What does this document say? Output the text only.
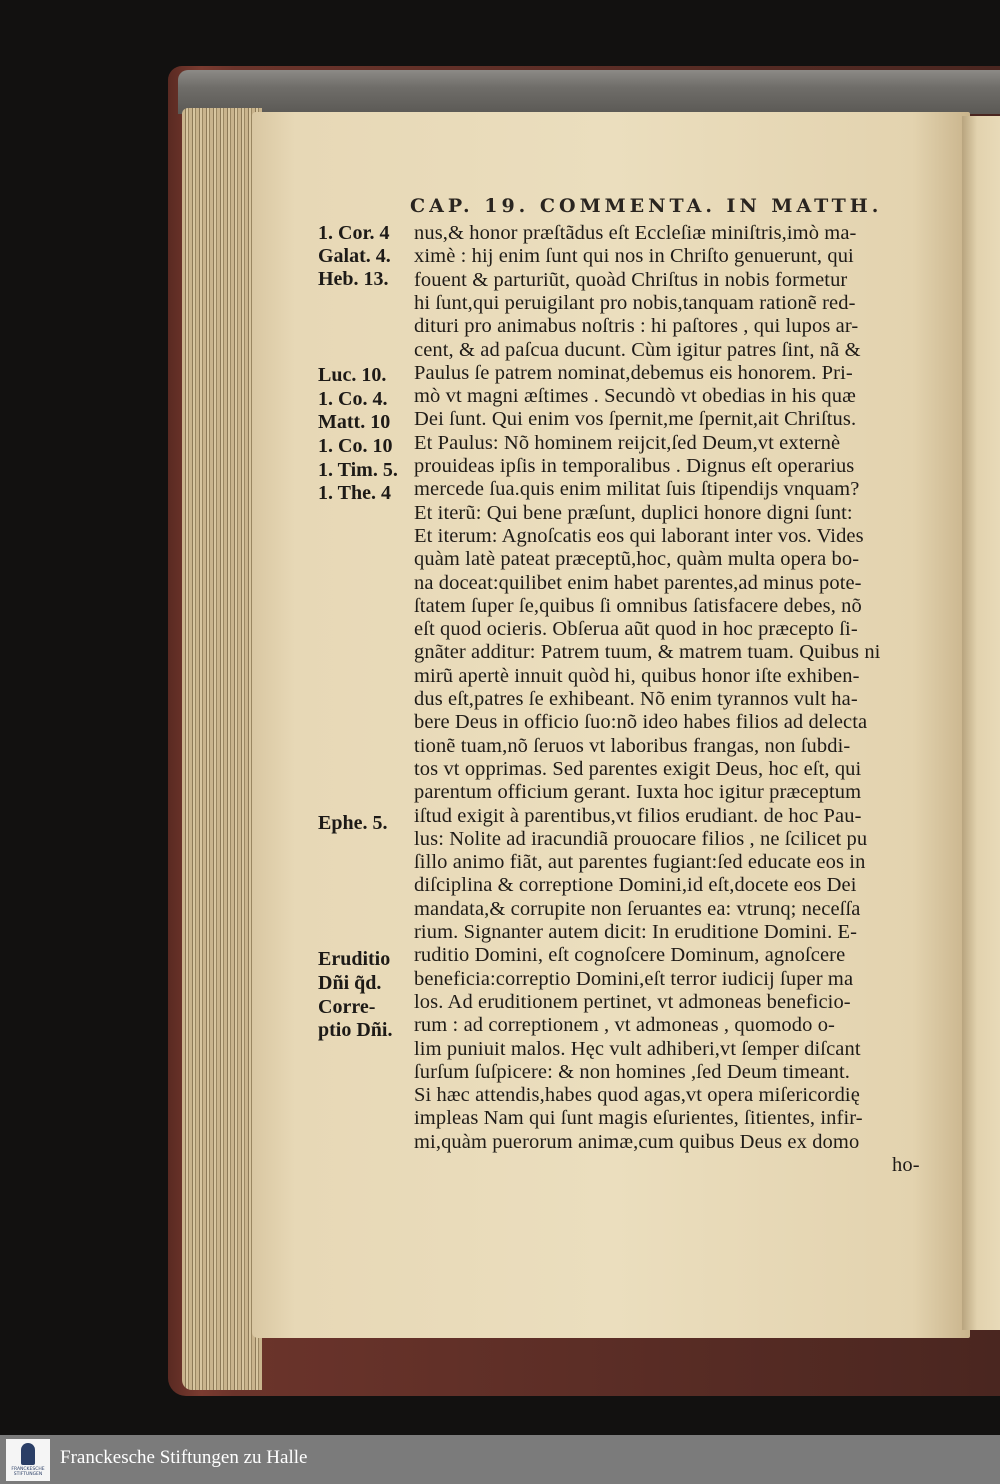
CAP. 19. COMMENTA. IN MATTH.
1. Cor. 4
Galat. 4.
Heb. 13.
Luc. 10.
1. Co. 4.
Matt. 10
1. Co. 10
1. Tim. 5.
1. The. 4
Ephe. 5.
Eruditio
Dñi q̃d.
Corre-
ptio Dñi.
nus,& honor præſtãdus eſt Eccleſiæ miniſtris,imò ma-
ximè : hij enim ſunt qui nos in Chriſto genuerunt, qui
fouent & parturiũt, quoàd Chriſtus in nobis formetur
hi ſunt,qui peruigilant pro nobis,tanquam rationẽ red-
dituri pro animabus noſtris : hi paſtores , qui lupos ar-
cent, & ad paſcua ducunt. Cùm igitur patres ſint, nã &
Paulus ſe patrem nominat,debemus eis honorem. Pri-
mò vt magni æſtimes . Secundò vt obedias in his quæ
Dei ſunt. Qui enim vos ſpernit,me ſpernit,ait Chriſtus.
Et Paulus: Nõ hominem reijcit,ſed Deum,vt externè
prouideas ipſis in temporalibus . Dignus eſt operarius
mercede ſua.quis enim militat ſuis ſtipendijs vnquam?
Et iterũ: Qui bene præſunt, duplici honore digni ſunt:
Et iterum: Agnoſcatis eos qui laborant inter vos. Vides
quàm latè pateat præceptũ,hoc, quàm multa opera bo-
na doceat:quilibet enim habet parentes,ad minus pote-
ſtatem ſuper ſe,quibus ſi omnibus ſatisfacere debes, nõ
eſt quod ocieris. Obſerua aũt quod in hoc præcepto ſi-
gnãter additur: Patrem tuum, & matrem tuam. Quibus ni
mirũ apertè innuit quòd hi, quibus honor iſte exhiben-
dus eſt,patres ſe exhibeant. Nõ enim tyrannos vult ha-
bere Deus in officio ſuo:nõ ideo habes filios ad delecta
tionẽ tuam,nõ ſeruos vt laboribus frangas, non ſubdi-
tos vt opprimas. Sed parentes exigit Deus, hoc eſt, qui
parentum officium gerant. Iuxta hoc igitur præceptum
iſtud exigit à parentibus,vt filios erudiant. de hoc Pau-
lus: Nolite ad iracundiã prouocare filios , ne ſcilicet pu
ſillo animo fiãt, aut parentes fugiant:ſed educate eos in
diſciplina & correptione Domini,id eſt,docete eos Dei
mandata,& corrupite non ſeruantes ea: vtrunq; neceſſa
rium. Signanter autem dicit: In eruditione Domini. E-
ruditio Domini, eſt cognoſcere Dominum, agnoſcere
beneficia:correptio Domini,eſt terror iudicij ſuper ma
los. Ad eruditionem pertinet, vt admoneas beneficio-
rum : ad correptionem , vt admoneas , quomodo o-
lim puniuit malos. Hęc vult adhiberi,vt ſemper diſcant
ſurſum ſuſpicere: & non homines ,ſed Deum timeant.
Si hæc attendis,habes quod agas,vt opera miſericordię
impleas Nam qui ſunt magis eſurientes, ſitientes, infir-
mi,quàm puerorum animæ,cum quibus Deus ex domo
ho-
FRANCKESCHE STIFTUNGEN
Franckesche Stiftungen zu Halle
